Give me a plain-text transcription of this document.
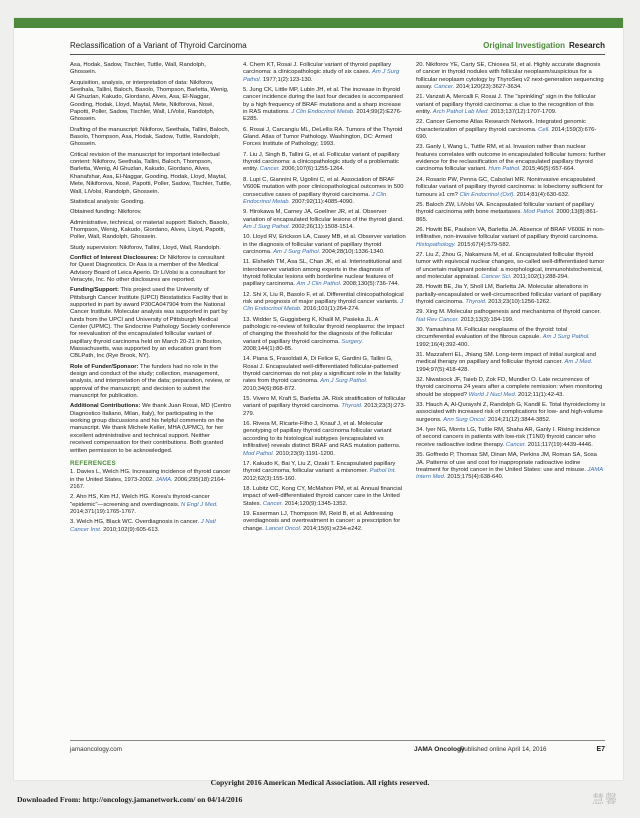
Reclassification of a Variant of Thyroid Carcinoma	Original Investigation Research

Asa, Hodak, Sadow, Tischler, Tuttle, Wall, Randolph, Ghossein.

Acquisition, analysis, or interpretation of data: Nikiforov, Seethala, Tallini, Baloch, Basolo, Thompson, Barletta, Wenig, Al Ghuzlan, Kakudo, Giordano, Alves, Asa, El-Naggar, Gooding, Hodak, Lloyd, Maytal, Mete, Nikiforova, Nosé, Papotti, Poller, Sadow, Tischler, Wall, LiVolsi, Randolph, Ghossein.

Drafting of the manuscript: Nikiforov, Seethala, Tallini, Baloch, Basolo, Thompson, Asa, Hodak, Sadow, Tuttle, Randolph, Ghossein.

Critical revision of the manuscript for important intellectual content: Nikiforov, Seethala, Tallini, Baloch, Thompson, Barletta, Wenig, Al Ghuzlan, Kakudo, Giordano, Alves, Khanafshar, Asa, El-Naggar, Gooding, Hodak, Lloyd, Maytal, Mete, Nikiforova, Nosé, Papotti, Poller, Sadow, Tischler, Tuttle, Wall, LiVolsi, Randolph, Ghossein.

Statistical analysis: Gooding.

Obtained funding: Nikiforov.

Administrative, technical, or material support: Baloch, Basolo, Thompson, Wenig, Kakudo, Giordano, Alves, Lloyd, Papotti, Poller, Wall, Randolph, Ghossein.

Study supervision: Nikiforov, Tallini, Lloyd, Wall, Randolph.

Conflict of Interest Disclosures: Dr Nikiforov is consultant for Quest Diagnostics. Dr Asa is a member of the Medical Advisory Board of Leica Aperio. Dr LiVolsi is a consultant for Veracyte, Inc. No other disclosures are reported.

Funding/Support: This project used the University of Pittsburgh Cancer Institute (UPCI) Biostatistics Facility that is supported in part by award P30CA047904 from the National Cancer Institute. Molecular analysis was supported in part by funds from the UPCI and University of Pittsburgh Medical Center (UPMC). The Endocrine Pathology Society conference for reevaluation of the encapsulated follicular variant of papillary thyroid carcinoma held on March 20-21 in Boston, Massachusetts, was supported by an education grant from CBLPath, Inc (Rye Brook, NY).

Role of Funder/Sponsor: The funders had no role in the design and conduct of the study; collection, management, analysis, and interpretation of the data; preparation, review, or approval of the manuscript; and decision to submit the manuscript for publication.

Additional Contributions: We thank Juan Rosai, MD (Centro Diagnostico Italiano, Milan, Italy), for participating in the working group discussions and his helpful comments on the manuscript. We thank Michele Keller, MHA (UPMC), for her excellent administrative and technical support. Neither received compensation for their contributions. Both granted written permission to be acknowledged.

REFERENCES

1. Davies L, Welch HG. Increasing incidence of thyroid cancer in the United States, 1973-2002. JAMA. 2006;295(18):2164-2167.

2. Ahn HS, Kim HJ, Welch HG. Korea's thyroid-cancer "epidemic"—screening and overdiagnosis. N Engl J Med. 2014;371(19):1765-1767.

3. Welch HG, Black WC. Overdiagnosis in cancer. J Natl Cancer Inst. 2010;102(9):605-613.

4. Chem KT, Rosai J. Follicular variant of thyroid papillary carcinoma: a clinicopathologic study of six cases. Am J Surg Pathol. 1977;1(2):123-130.

5. Jung CK, Little MP, Lubin JH, et al. The increase in thyroid cancer incidence during the last four decades is accompanied by a high frequency of BRAF mutations and a sharp increase in RAS mutations. J Clin Endocrinol Metab. 2014;99(2):E276-E285.

6. Rosai J, Carcangiu ML, DeLellis RA. Tumors of the Thyroid Gland. Atlas of Tumor Pathology. Washington, DC: Armed Forces Institute of Pathology; 1993.

7. Liu J, Singh B, Tallini G, et al. Follicular variant of papillary thyroid carcinoma: a clinicopathologic study of a problematic entity. Cancer. 2006;107(6):1255-1264.

8. Lupi C, Giannini R, Ugolini C, et al. Association of BRAF V600E mutation with poor clinicopathological outcomes in 500 consecutive cases of papillary thyroid carcinoma. J Clin Endocrinol Metab. 2007;92(11):4085-4090.

9. Hirokawa M, Carney JA, Goellner JR, et al. Observer variation of encapsulated follicular lesions of the thyroid gland. Am J Surg Pathol. 2002;26(11):1508-1514.

10. Lloyd RV, Erickson LA, Casey MB, et al. Observer variation in the diagnosis of follicular variant of papillary thyroid carcinoma. Am J Surg Pathol. 2004;28(10):1336-1340.

11. Elsheikh TM, Asa SL, Chan JK, et al. Interinstitutional and interobserver variation among experts in the diagnosis of thyroid follicular lesions with borderline nuclear features of papillary carcinoma. Am J Clin Pathol. 2008;130(5):736-744.

12. Shi X, Liu R, Basolo F, et al. Differential clinicopathological risk and prognosis of major papillary thyroid cancer variants. J Clin Endocrinol Metab. 2016;101(1):264-274.

13. Widder S, Guggisberg K, Khalil M, Pasieka JL. A pathologic re-review of follicular thyroid neoplasms: the impact of changing the threshold for the diagnosis of the follicular variant of papillary thyroid carcinoma. Surgery. 2008;144(1):80-85.

14. Piana S, Frasoldati A, Di Felice E, Gardini G, Tallini G, Rosai J. Encapsulated well-differentiated follicular-patterned thyroid carcinomas do not play a significant role in the fatality rates from thyroid carcinoma. Am J Surg Pathol. 2010;34(6):868-872.

15. Vivero M, Kraft S, Barletta JA. Risk stratification of follicular variant of papillary thyroid carcinoma. Thyroid. 2013;23(3):273-279.

16. Rivera M, Ricarte-Filho J, Knauf J, et al. Molecular genotyping of papillary thyroid carcinoma follicular variant according to its histological subtypes (encapsulated vs infiltrative) reveals distinct BRAF and RAS mutation patterns. Mod Pathol. 2010;23(9):1191-1200.

17. Kakudo K, Bai Y, Liu Z, Ozaki T. Encapsulated papillary thyroid carcinoma, follicular variant: a misnomer. Pathol Int. 2012;62(3):155-160.

18. Lubitz CC, Kong CY, McMahon PM, et al. Annual financial impact of well-differentiated thyroid cancer care in the United States. Cancer. 2014;120(9):1345-1352.

19. Esserman LJ, Thompson IM, Reid B, et al. Addressing overdiagnosis and overtreatment in cancer: a prescription for change. Lancet Oncol. 2014;15(6):e234-e242.

20. Nikiforov YE, Carty SE, Chiosea SI, et al. Highly accurate diagnosis of cancer in thyroid nodules with follicular neoplasm/suspicious for a follicular neoplasm cytology by ThyroSeq v2 next-generation sequencing assay. Cancer. 2014;120(23):3627-3634.

21. Vanzati A, Mercalli F, Rosai J. The "sprinkling" sign in the follicular variant of papillary thyroid carcinoma: a clue to the recognition of this entity. Arch Pathol Lab Med. 2013;137(12):1707-1709.

22. Cancer Genome Atlas Research Network. Integrated genomic characterization of papillary thyroid carcinoma. Cell. 2014;159(3):676-690.

23. Ganly I, Wang L, Tuttle RM, et al. Invasion rather than nuclear features correlates with outcome in encapsulated follicular tumors: further evidence for the reclassification of the encapsulated papillary thyroid carcinoma follicular variant. Hum Pathol. 2015;46(5):657-664.

24. Rosario PW, Penna GC, Calsolari MR. Noninvasive encapsulated follicular variant of papillary thyroid carcinoma: is lobectomy sufficient for tumours ≥1 cm? Clin Endocrinol (Oxf). 2014;81(4):630-632.

25. Baloch ZW, LiVolsi VA. Encapsulated follicular variant of papillary thyroid carcinoma with bone metastases. Mod Pathol. 2000;13(8):861-865.

26. Howitt BE, Paulson VA, Barletta JA. Absence of BRAF V600E in non-infiltrative, non-invasive follicular variant of papillary thyroid carcinoma. Histopathology. 2015;67(4):579-582.

27. Liu Z, Zhou G, Nakamura M, et al. Encapsulated follicular thyroid tumor with equivocal nuclear changes, so-called well-differentiated tumor of uncertain malignant potential: a morphological, immunohistochemical, and molecular appraisal. Cancer Sci. 2011;102(1):288-294.

28. Howitt BE, Jia Y, Sholl LM, Barletta JA. Molecular alterations in partially-encapsulated or well-circumscribed follicular variant of papillary thyroid carcinoma. Thyroid. 2013;23(10):1256-1262.

29. Xing M. Molecular pathogenesis and mechanisms of thyroid cancer. Nat Rev Cancer. 2013;13(3):184-199.

30. Yamashina M. Follicular neoplasms of the thyroid: total circumferential evaluation of the fibrous capsule. Am J Surg Pathol. 1992;16(4):392-400.

31. Mazzaferri EL, Jhiang SM. Long-term impact of initial surgical and medical therapy on papillary and follicular thyroid cancer. Am J Med. 1994;97(5):418-428.

32. Niwatsock JF, Taieb D, Zok FD, Mundler O. Late recurrences of thyroid carcinoma 24 years after a complete remission: when monitoring should be stopped? World J Nucl Med. 2012;11(1):42-43.

33. Hauch A, Al-Qurayshi Z, Randolph G, Kandil E. Total thyroidectomy is associated with increased risk of complications for low- and high-volume surgeons. Ann Surg Oncol. 2014;21(12):3844-3852.

34. Iyer NG, Morris LG, Tuttle RM, Shaha AR, Ganly I. Rising incidence of second cancers in patients with low-risk (T1N0) thyroid cancer who receive radioactive iodine therapy. Cancer. 2011;117(19):4439-4446.

35. Goffredo P, Thomas SM, Dinan MA, Perkins JM, Roman SA, Sosa JA. Patterns of use and cost for inappropriate radioactive iodine treatment for thyroid cancer in the United States: use and misuse. JAMA Intern Med. 2015;175(4):638-640.

jamaoncology.com	JAMA Oncology
Published online April 14, 2016	E7
Copyright 2016 American Medical Association. All rights reserved.
Downloaded From: http://oncology.jamanetwork.com/ on 04/14/2016	慧馨
